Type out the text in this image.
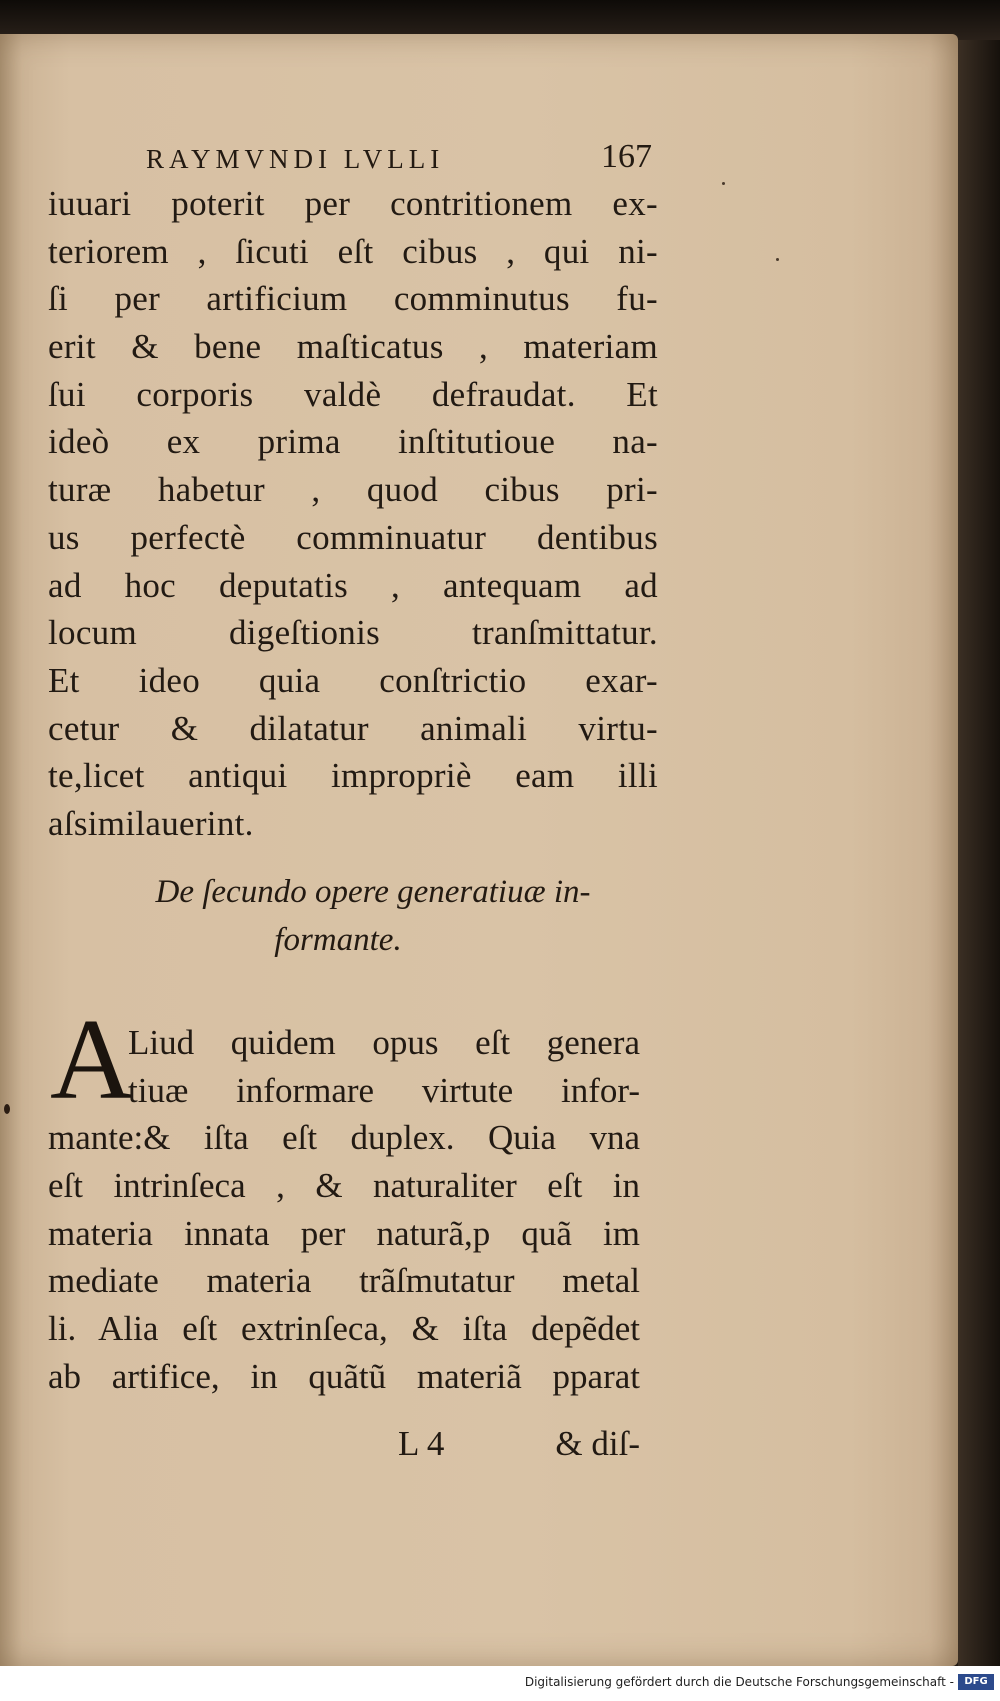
RAYMVNDI LVLLI	167
iuuari poterit per contritionem ex-
teriorem , ſicuti eſt cibus , qui ni-
ſi per artificium comminutus fu-
erit & bene maſticatus , materiam
ſui corporis valdè defraudat. Et
ideò ex prima inſtitutioue na-
turæ habetur , quod cibus pri-
us perfectè comminuatur dentibus
ad hoc deputatis , antequam ad
locum digeſtionis tranſmittatur.
Et ideo quia conſtrictio exar-
cetur & dilatatur animali virtu-
te,licet antiqui impropriè eam illi
aſsimilauerint.
De ſecundo opere generatiuæ in-
formante.
A
Liud quidem opus eſt genera
tiuæ informare virtute infor-
mante:& iſta eſt duplex. Quia vna
eſt intrinſeca , & naturaliter eſt in
materia innata per naturã,p quã im
mediate materia trãſmutatur metal
li. Alia eſt extrinſeca, & iſta depẽdet
ab artifice, in quãtũ materiã pparat
L 4	& diſ-
Digitalisierung gefördert durch die Deutsche Forschungsgemeinschaft -	DFG
